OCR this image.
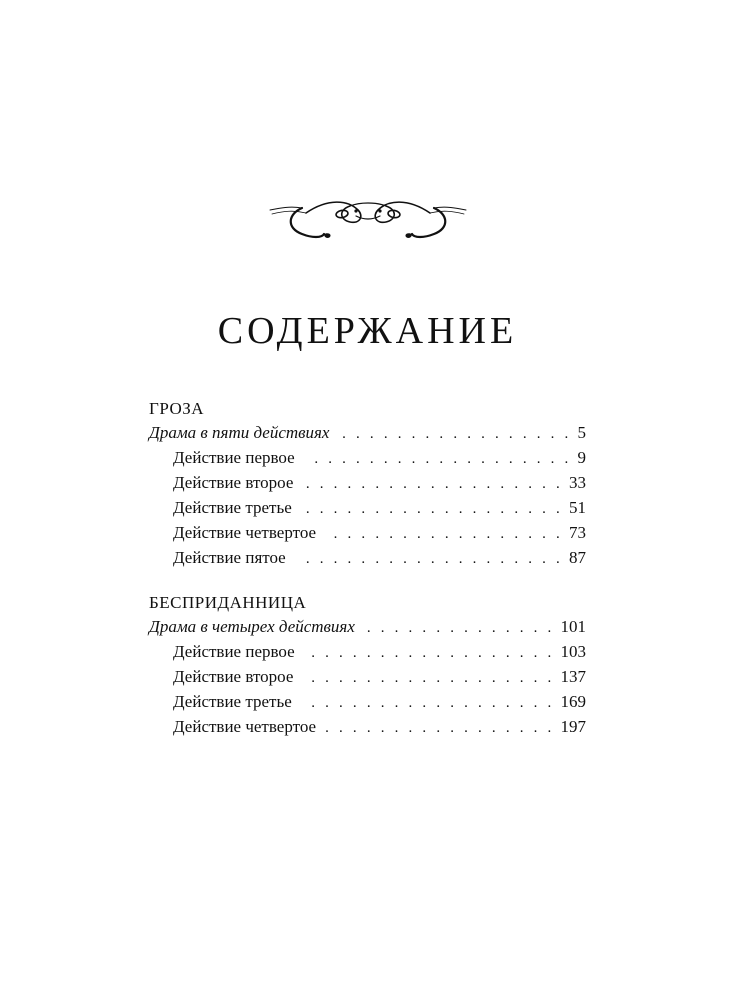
СОДЕРЖАНИЕ
ГРОЗА
Драма в пяти действиях . . .	5
Действие первое . . .	9
Действие второе . . .	33
Действие третье . . .	51
Действие четвертое . . .	73
Действие пятое . . .	87
БЕСПРИДАННИЦА
Драма в четырех действиях . . .	101
Действие первое . . .	103
Действие второе . . .	137
Действие третье . . .	169
Действие четвертое . . .	197
